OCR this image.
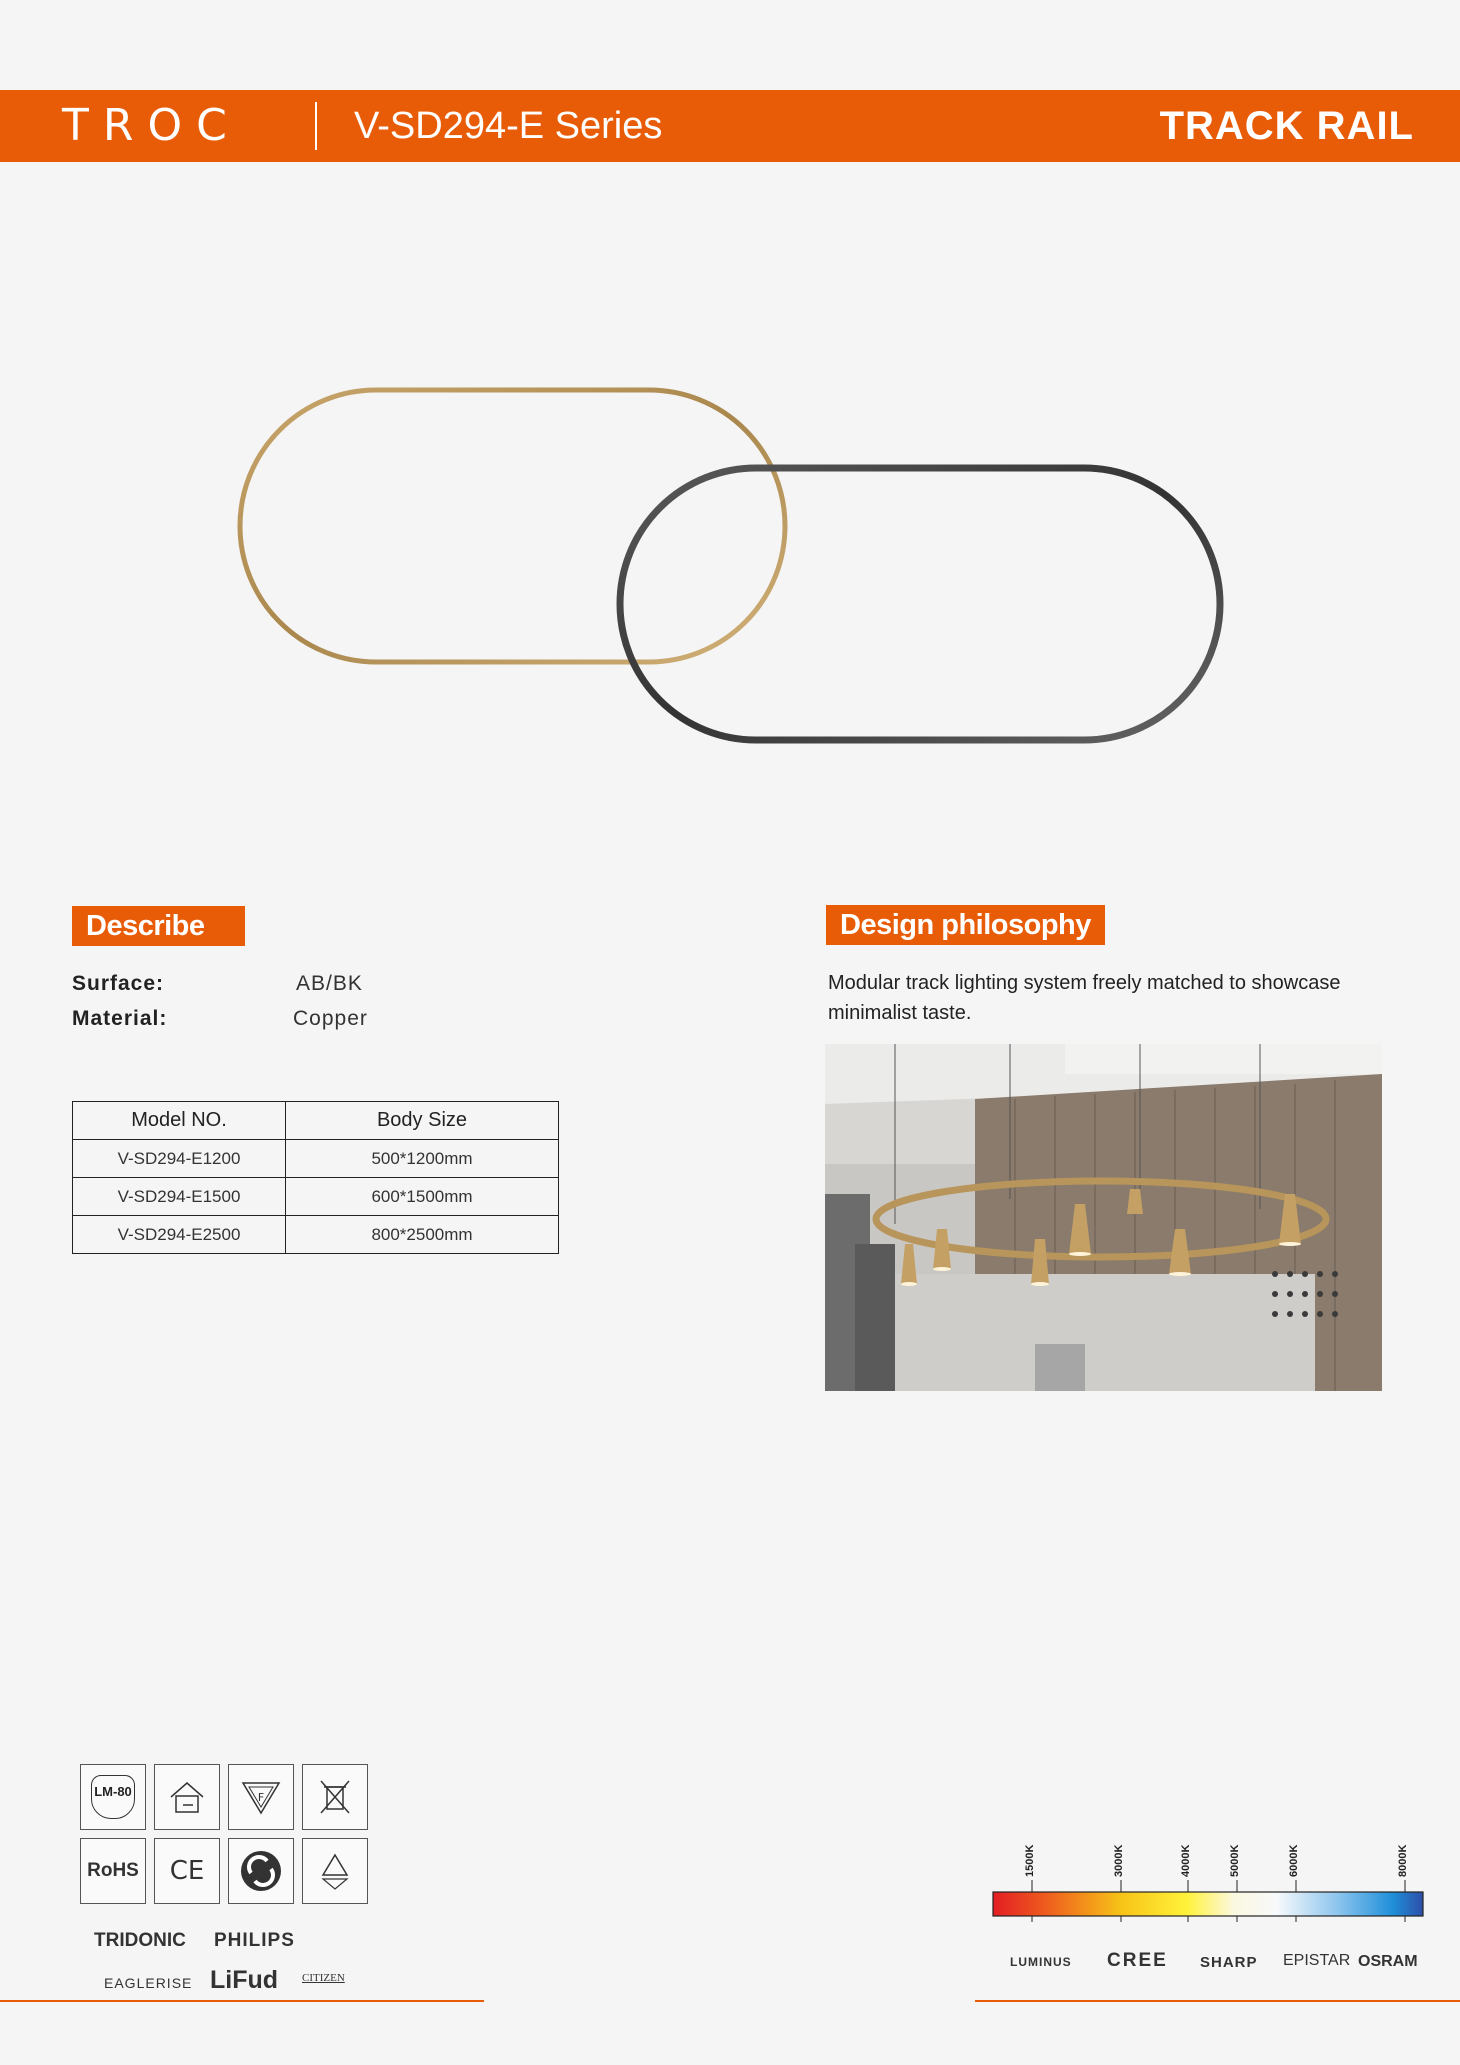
TROC	V-SD294-E Series	TRACK RAIL
Describe
Surface:	AB/BK
Material:	Copper
Model NO.	Body Size
V-SD294-E1200	500*1200mm
V-SD294-E1500	600*1500mm
V-SD294-E2500	800*2500mm
Design philosophy
Modular track lighting system freely matched to showcase minimalist taste.
LM-80	F
RoHS	CE
TRIDONIC PHILIPS
EAGLERISE LiFud CITIZEN
1500K	3000K	4000K	5000K	6000K	8000K
LUMINUS CREE SHARP EPISTAR OSRAM
